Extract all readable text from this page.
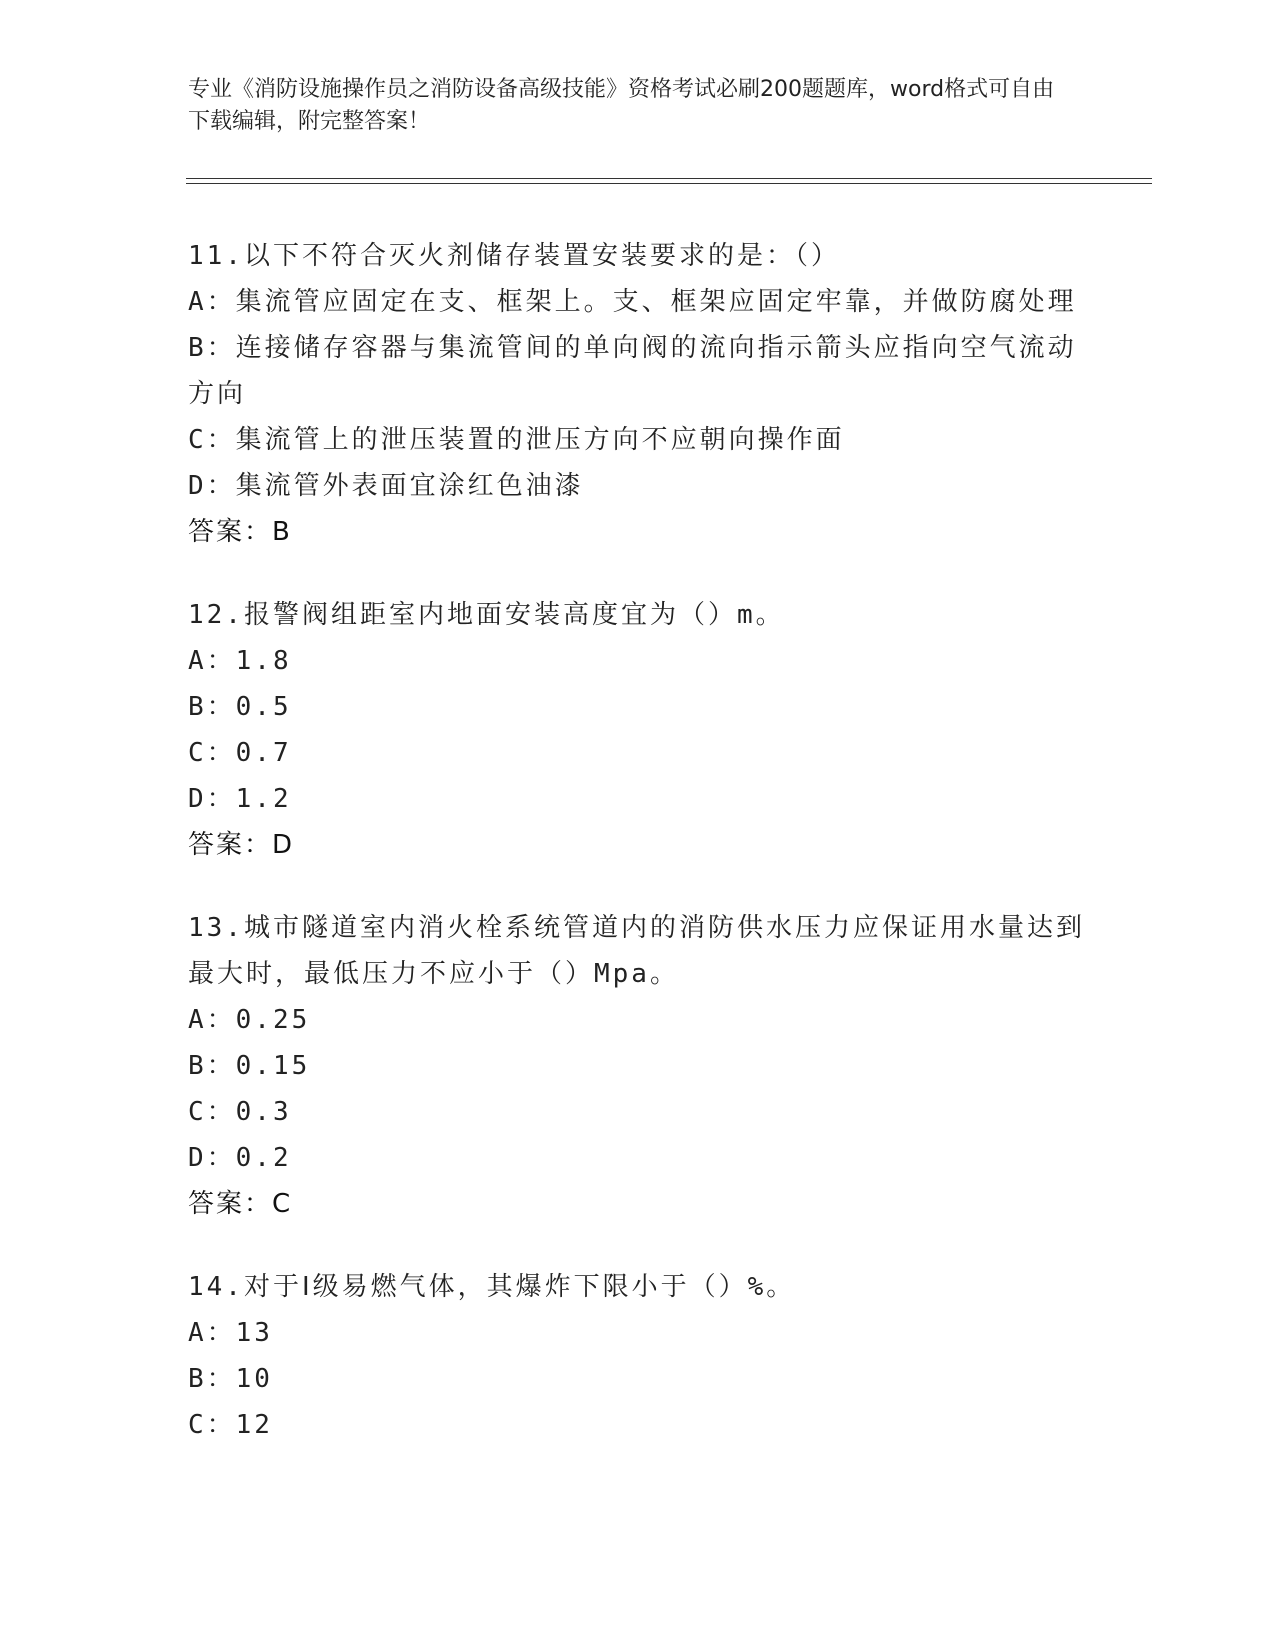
专业《消防设施操作员之消防设备高级技能》资格考试必刷200题题库，word格式可自由下载编辑，附完整答案！
11.以下不符合灭火剂储存装置安装要求的是：（）
A：集流管应固定在支、框架上。支、框架应固定牢靠，并做防腐处理
B：连接储存容器与集流管间的单向阀的流向指示箭头应指向空气流动方向
C：集流管上的泄压装置的泄压方向不应朝向操作面
D：集流管外表面宜涂红色油漆
答案：B
12.报警阀组距室内地面安装高度宜为（）m。
A：1.8
B：0.5
C：0.7
D：1.2
答案：D
13.城市隧道室内消火栓系统管道内的消防供水压力应保证用水量达到最大时，最低压力不应小于（）Mpa。
A：0.25
B：0.15
C：0.3
D：0.2
答案：C
14.对于Ⅰ级易燃气体，其爆炸下限小于（）%。
A：13
B：10
C：12
